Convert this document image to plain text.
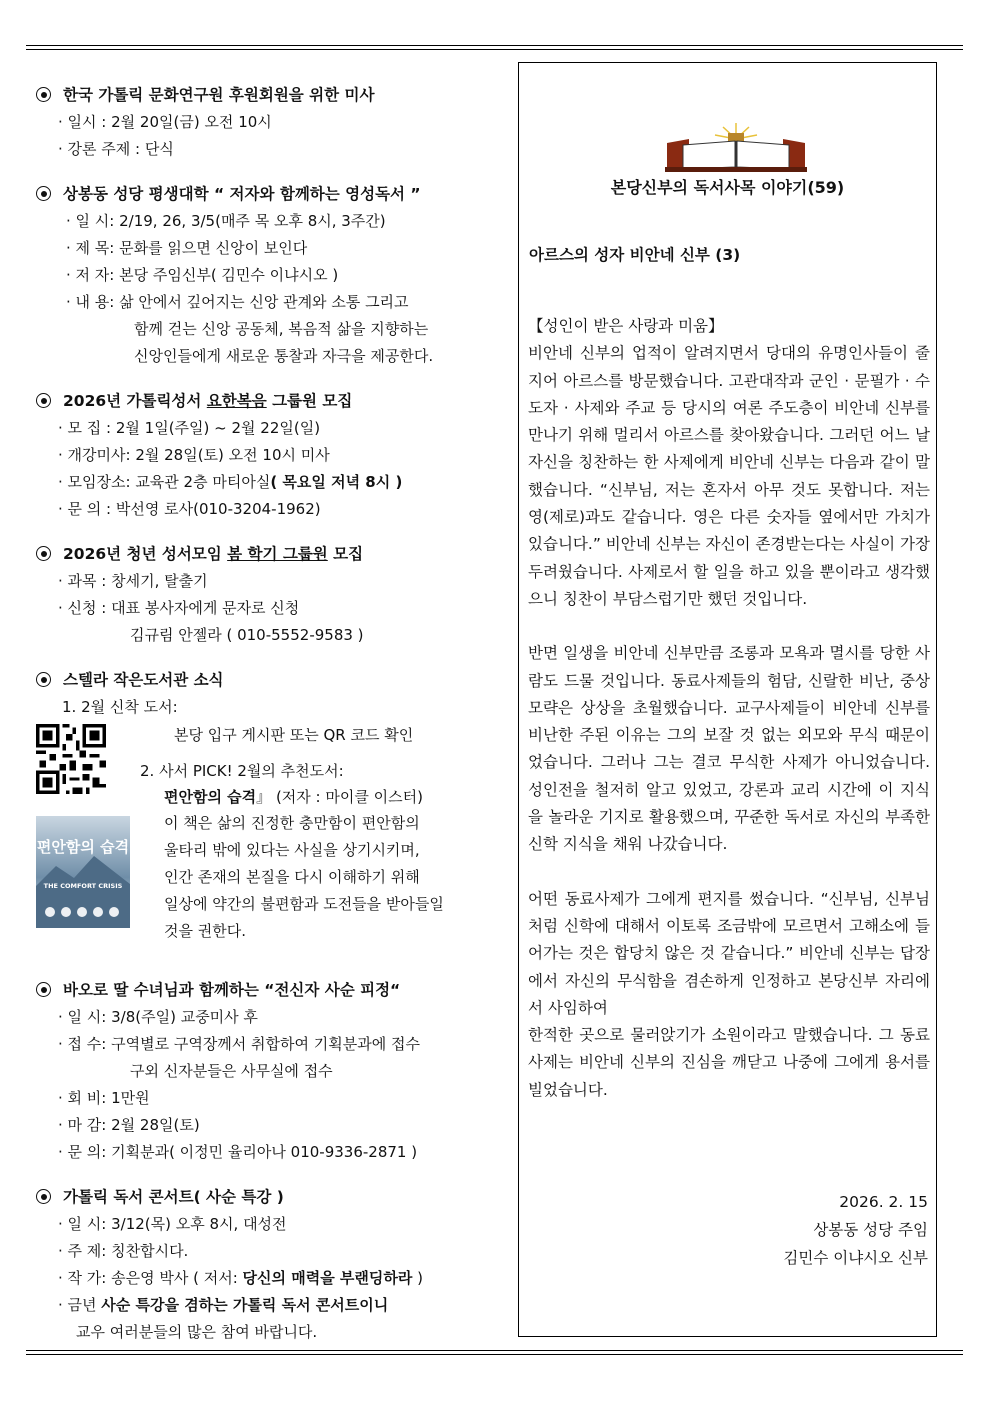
한국 가톨릭 문화연구원 후원회원을 위한 미사
· 일시 : 2월 20일(금) 오전 10시
· 강론 주제 : 단식
상봉동 성당 평생대학 “ 저자와 함께하는 영성독서 ”
· 일 시: 2/19, 26, 3/5(매주 목 오후 8시, 3주간)
· 제 목: 문화를 읽으면 신앙이 보인다
· 저 자: 본당 주임신부( 김민수 이냐시오 )
· 내 용: 삶 안에서 깊어지는 신앙 관계와 소통 그리고
함께 걷는 신앙 공동체, 복음적 삶을 지향하는
신앙인들에게 새로운 통찰과 자극을 제공한다.
2026년 가톨릭성서 요한복음 그룹원 모집
· 모 집 : 2월 1일(주일) ~ 2월 22일(일)
· 개강미사: 2월 28일(토) 오전 10시 미사
· 모임장소: 교육관 2층 마티아실( 목요일 저녁 8시 )
· 문 의 : 박선영 로사(010-3204-1962)
2026년 청년 성서모임 봄 학기 그룹원 모집
· 과목 : 창세기, 탈출기
· 신청 : 대표 봉사자에게 문자로 신청
김규림 안젤라 ( 010-5552-9583 )
스텔라 작은도서관 소식
1. 2월 신착 도서:
본당 입구 게시판 또는 QR 코드 확인
2. 사서 PICK! 2월의 추천도서:
편안함의 습격
THE COMFORT CRISIS
편안함의 습격』 (저자 : 마이클 이스터)
이 책은 삶의 진정한 충만함이 편안함의
울타리 밖에 있다는 사실을 상기시키며,
인간 존재의 본질을 다시 이해하기 위해
일상에 약간의 불편함과 도전들을 받아들일
것을 권한다.
바오로 딸 수녀님과 함께하는 “전신자 사순 피정“
· 일 시: 3/8(주일) 교중미사 후
· 접 수: 구역별로 구역장께서 취합하여 기획분과에 접수
구외 신자분들은 사무실에 접수
· 회 비: 1만원
· 마 감: 2월 28일(토)
· 문 의: 기획분과( 이정민 율리아나 010-9336-2871 )
가톨릭 독서 콘서트( 사순 특강 )
· 일 시: 3/12(목) 오후 8시, 대성전
· 주 제: 칭찬합시다.
· 작 가: 송은영 박사 ( 저서: 당신의 매력을 부랜딩하라 )
· 금년 사순 특강을 겸하는 가톨릭 독서 콘서트이니
교우 여러분들의 많은 참여 바랍니다.
본당신부의 독서사목 이야기(59)
아르스의 성자 비안네 신부 (3)

【성인이 받은 사랑과 미움】

비안네 신부의 업적이 알려지면서 당대의 유명인사들이 줄지어 아르스를 방문했습니다. 고관대작과 군인 · 문필가 · 수도자 · 사제와 주교 등 당시의 여론 주도층이 비안네 신부를 만나기 위해 멀리서 아르스를 찾아왔습니다. 그러던 어느 날 자신을 칭찬하는 한 사제에게 비안네 신부는 다음과 같이 말했습니다. “신부님, 저는 혼자서 아무 것도 못합니다. 저는 영(제로)과도 같습니다. 영은 다른 숫자들 옆에서만 가치가 있습니다.” 비안네 신부는 자신이 존경받는다는 사실이 가장 두려웠습니다. 사제로서 할 일을 하고 있을 뿐이라고 생각했으니 칭찬이 부담스럽기만 했던 것입니다.

반면 일생을 비안네 신부만큼 조롱과 모욕과 멸시를 당한 사람도 드물 것입니다. 동료사제들의 험담, 신랄한 비난, 중상모략은 상상을 초월했습니다. 교구사제들이 비안네 신부를 비난한 주된 이유는 그의 보잘 것 없는 외모와 무식 때문이었습니다. 그러나 그는 결코 무식한 사제가 아니었습니다. 성인전을 철저히 알고 있었고, 강론과 교리 시간에 이 지식을 놀라운 기지로 활용했으며, 꾸준한 독서로 자신의 부족한 신학 지식을 채워 나갔습니다.

어떤 동료사제가 그에게 편지를 썼습니다. “신부님, 신부님처럼 신학에 대해서 이토록 조금밖에 모르면서 고해소에 들어가는 것은 합당치 않은 것 같습니다.” 비안네 신부는 답장에서 자신의 무식함을 겸손하게 인정하고 본당신부 자리에서 사임하여

한적한 곳으로 물러앉기가 소원이라고 말했습니다. 그 동료사제는 비안네 신부의 진심을 깨닫고 나중에 그에게 용서를 빌었습니다.

2026. 2. 15
상봉동 성당 주임
김민수 이냐시오 신부
